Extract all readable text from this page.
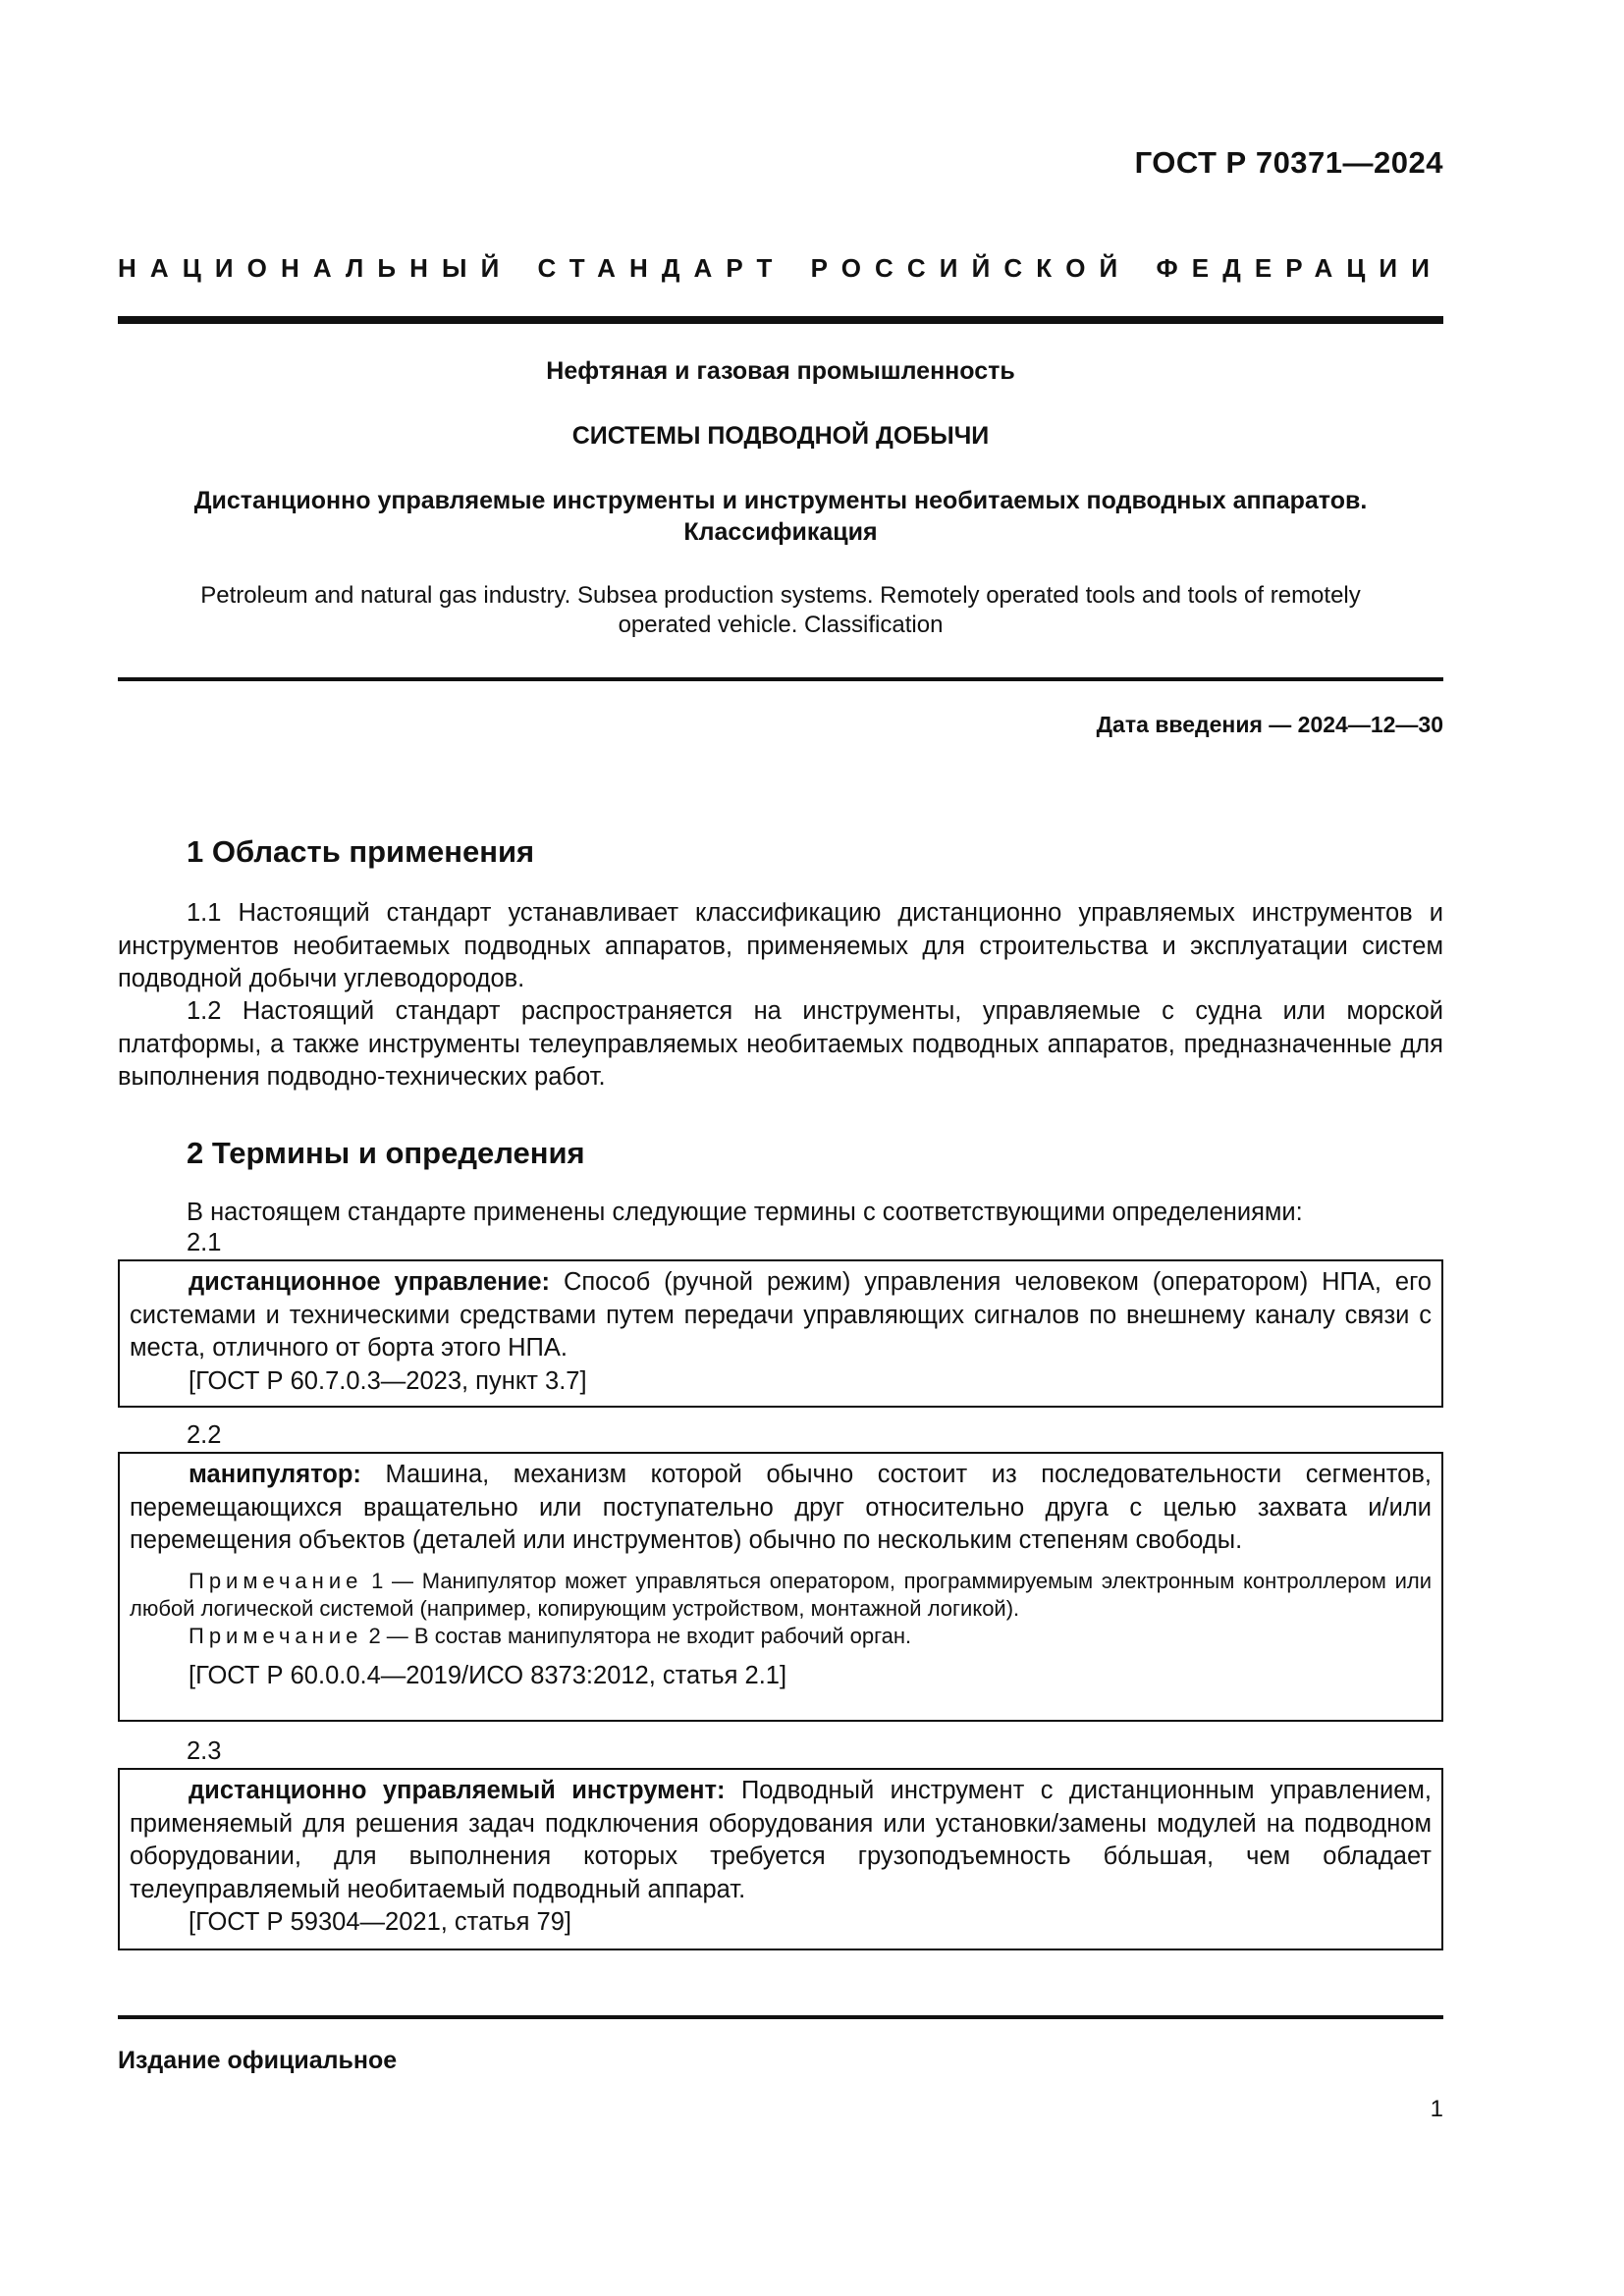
ГОСТ Р 70371—2024
НАЦИОНАЛЬНЫЙ СТАНДАРТ РОССИЙСКОЙ ФЕДЕРАЦИИ
Нефтяная и газовая промышленность
СИСТЕМЫ ПОДВОДНОЙ ДОБЫЧИ
Дистанционно управляемые инструменты и инструменты необитаемых подводных аппаратов.
Классификация
Petroleum and natural gas industry. Subsea production systems. Remotely operated tools and tools of remotely
operated vehicle. Classification
Дата введения — 2024—12—30
1 Область применения
1.1 Настоящий стандарт устанавливает классификацию дистанционно управляемых инструментов и инструментов необитаемых подводных аппаратов, применяемых для строительства и эксплуатации систем подводной добычи углеводородов.
1.2 Настоящий стандарт распространяется на инструменты, управляемые с судна или морской платформы, а также инструменты телеуправляемых необитаемых подводных аппаратов, предназначенные для выполнения подводно-технических работ.
2 Термины и определения
В настоящем стандарте применены следующие термины с соответствующими определениями:
2.1

дистанционное управление: Способ (ручной режим) управления человеком (оператором) НПА, его системами и техническими средствами путем передачи управляющих сигналов по внешнему каналу связи с места, отличного от борта этого НПА.

[ГОСТ Р 60.7.0.3—2023, пункт 3.7]

2.2

манипулятор: Машина, механизм которой обычно состоит из последовательности сегментов, перемещающихся вращательно или поступательно друг относительно друга с целью захвата и/или перемещения объектов (деталей или инструментов) обычно по нескольким степеням свободы.

Примечание 1 — Манипулятор может управляться оператором, программируемым электронным контроллером или любой логической системой (например, копирующим устройством, монтажной логикой).

Примечание 2 — В состав манипулятора не входит рабочий орган.

[ГОСТ Р 60.0.0.4—2019/ИСО 8373:2012, статья 2.1]

2.3

дистанционно управляемый инструмент: Подводный инструмент с дистанционным управлением, применяемый для решения задач подключения оборудования или установки/замены модулей на подводном оборудовании, для выполнения которых требуется грузоподъемность бóльшая, чем обладает телеуправляемый необитаемый подводный аппарат.

[ГОСТ Р 59304—2021, статья 79]

Издание официальное
1
